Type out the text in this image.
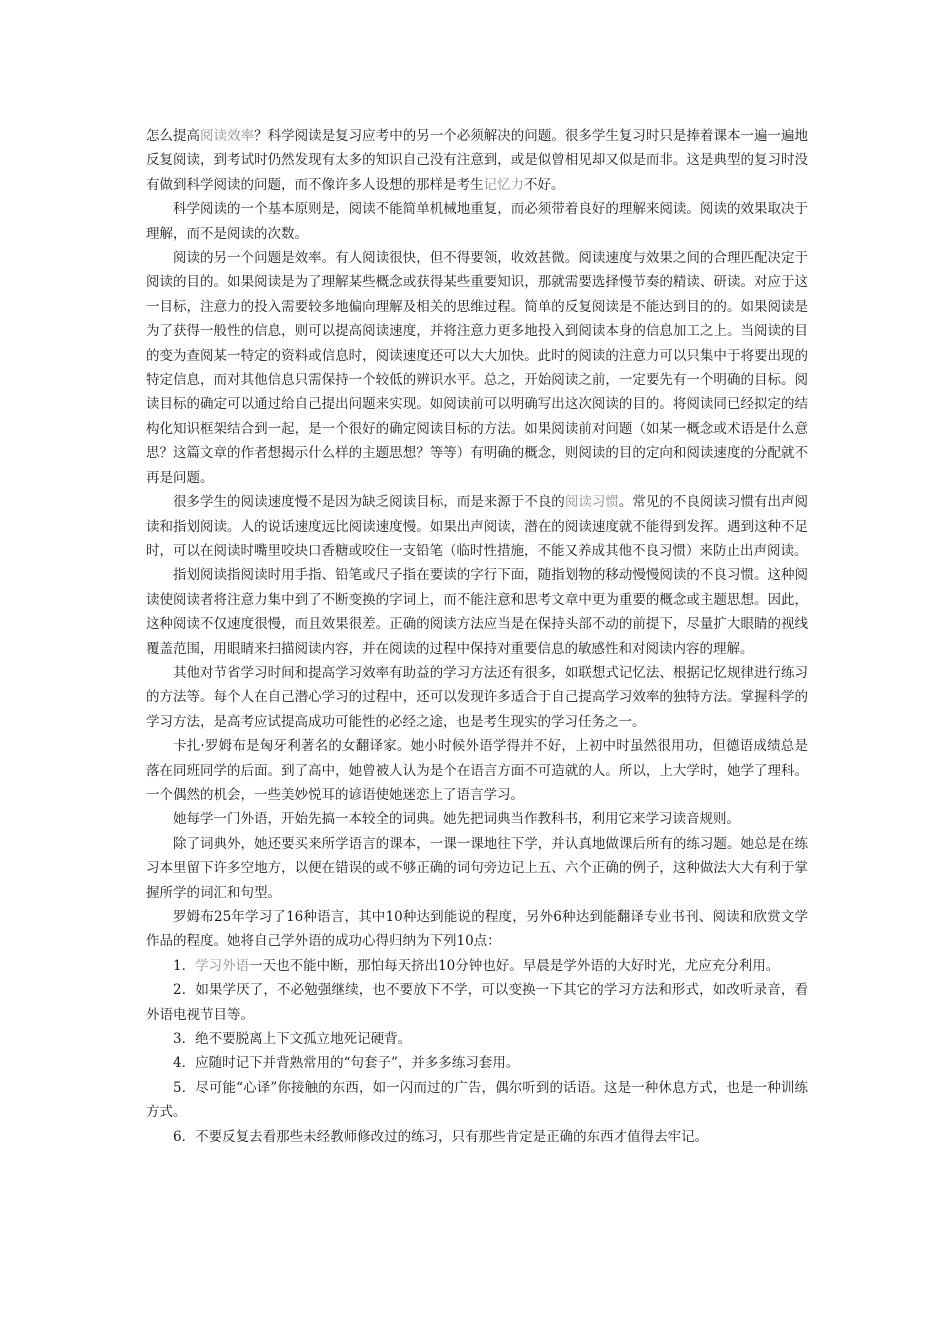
怎么提高阅读效率？科学阅读是复习应考中的另一个必须解决的问题。很多学生复习时只是捧着课本一遍一遍地反复阅读，到考试时仍然发现有太多的知识自己没有注意到，或是似曾相见却又似是而非。这是典型的复习时没有做到科学阅读的问题，而不像许多人设想的那样是考生记忆力不好。

科学阅读的一个基本原则是，阅读不能简单机械地重复，而必须带着良好的理解来阅读。阅读的效果取决于理解，而不是阅读的次数。

阅读的另一个问题是效率。有人阅读很快，但不得要领，收效甚微。阅读速度与效果之间的合理匹配决定于阅读的目的。如果阅读是为了理解某些概念或获得某些重要知识，那就需要选择慢节奏的精读、研读。对应于这一目标，注意力的投入需要较多地偏向理解及相关的思维过程。简单的反复阅读是不能达到目的的。如果阅读是为了获得一般性的信息，则可以提高阅读速度，并将注意力更多地投入到阅读本身的信息加工之上。当阅读的目的变为查阅某一特定的资料或信息时，阅读速度还可以大大加快。此时的阅读的注意力可以只集中于将要出现的特定信息，而对其他信息只需保持一个较低的辨识水平。总之，开始阅读之前，一定要先有一个明确的目标。阅读目标的确定可以通过给自己提出问题来实现。如阅读前可以明确写出这次阅读的目的。将阅读同已经拟定的结构化知识框架结合到一起，是一个很好的确定阅读目标的方法。如果阅读前对问题（如某一概念或术语是什么意思？这篇文章的作者想揭示什么样的主题思想？等等）有明确的概念，则阅读的目的定向和阅读速度的分配就不再是问题。

很多学生的阅读速度慢不是因为缺乏阅读目标，而是来源于不良的阅读习惯。常见的不良阅读习惯有出声阅读和指划阅读。人的说话速度远比阅读速度慢。如果出声阅读，潜在的阅读速度就不能得到发挥。遇到这种不足时，可以在阅读时嘴里咬块口香糖或咬住一支铅笔（临时性措施，不能又养成其他不良习惯）来防止出声阅读。

指划阅读指阅读时用手指、铅笔或尺子指在要读的字行下面，随指划物的移动慢慢阅读的不良习惯。这种阅读使阅读者将注意力集中到了不断变换的字词上，而不能注意和思考文章中更为重要的概念或主题思想。因此，这种阅读不仅速度很慢，而且效果很差。正确的阅读方法应当是在保持头部不动的前提下，尽量扩大眼睛的视线覆盖范围，用眼睛来扫描阅读内容，并在阅读的过程中保持对重要信息的敏感性和对阅读内容的理解。

其他对节省学习时间和提高学习效率有助益的学习方法还有很多，如联想式记忆法、根据记忆规律进行练习的方法等。每个人在自己潜心学习的过程中，还可以发现许多适合于自己提高学习效率的独特方法。掌握科学的学习方法，是高考应试提高成功可能性的必经之途，也是考生现实的学习任务之一。

卡扎·罗姆布是匈牙利著名的女翻译家。她小时候外语学得并不好，上初中时虽然很用功，但德语成绩总是落在同班同学的后面。到了高中，她曾被人认为是个在语言方面不可造就的人。所以，上大学时，她学了理科。一个偶然的机会，一些美妙悦耳的谚语使她迷恋上了语言学习。

她每学一门外语，开始先搞一本较全的词典。她先把词典当作教科书，利用它来学习读音规则。

除了词典外，她还要买来所学语言的课本，一课一课地往下学，并认真地做课后所有的练习题。她总是在练习本里留下许多空地方，以便在错误的或不够正确的词句旁边记上五、六个正确的例子，这种做法大大有利于掌握所学的词汇和句型。

罗姆布25年学习了16种语言，其中10种达到能说的程度，另外6种达到能翻译专业书刊、阅读和欣赏文学作品的程度。她将自己学外语的成功心得归纳为下列10点：

1．学习外语一天也不能中断，那怕每天挤出10分钟也好。早晨是学外语的大好时光，尤应充分利用。

2．如果学厌了，不必勉强继续，也不要放下不学，可以变换一下其它的学习方法和形式，如改听录音，看外语电视节目等。

3．绝不要脱离上下文孤立地死记硬背。

4．应随时记下并背熟常用的“句套子”，并多多练习套用。

5．尽可能“心译”你接触的东西，如一闪而过的广告，偶尔听到的话语。这是一种休息方式，也是一种训练方式。

6．不要反复去看那些未经教师修改过的练习，只有那些肯定是正确的东西才值得去牢记。
